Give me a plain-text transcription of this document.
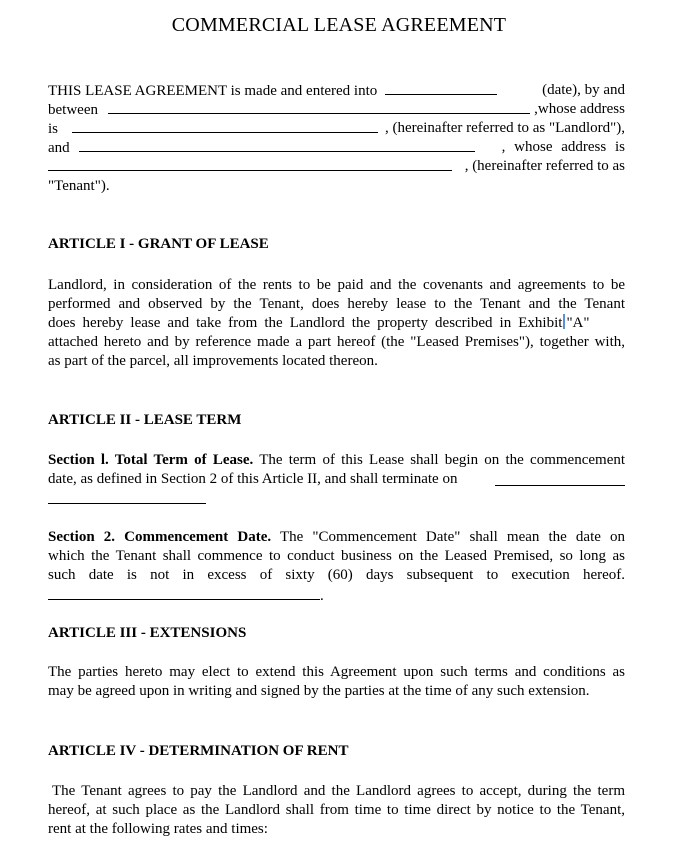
COMMERCIAL LEASE AGREEMENT
THIS LEASE AGREEMENT is made and entered into	(date), by and
between	,whose address
is	, (hereinafter referred to as "Landlord"),
and	, whose address is
, (hereinafter referred to as
"Tenant").
ARTICLE I - GRANT OF LEASE
Landlord, in consideration of the rents to be paid and the covenants and agreements to be
performed and observed by the Tenant, does hereby lease to the Tenant and the Tenant
does hereby lease and take from the Landlord the property described in Exhibit "A"
attached hereto and by reference made a part hereof (the "Leased Premises"), together with,
as part of the parcel, all improvements located thereon.
ARTICLE II - LEASE TERM
Section l. Total Term of Lease. The term of this Lease shall begin on the commencement
date, as defined in Section 2 of this Article II, and shall terminate on
Section 2. Commencement Date. The "Commencement Date" shall mean the date on
which the Tenant shall commence to conduct business on the Leased Premised, so long as
such date is not in excess of sixty (60) days subsequent to execution hereof.
.
ARTICLE III - EXTENSIONS
The parties hereto may elect to extend this Agreement upon such terms and conditions as
may be agreed upon in writing and signed by the parties at the time of any such extension.
ARTICLE IV - DETERMINATION OF RENT
The Tenant agrees to pay the Landlord and the Landlord agrees to accept, during the term
hereof, at such place as the Landlord shall from time to time direct by notice to the Tenant,
rent at the following rates and times:
